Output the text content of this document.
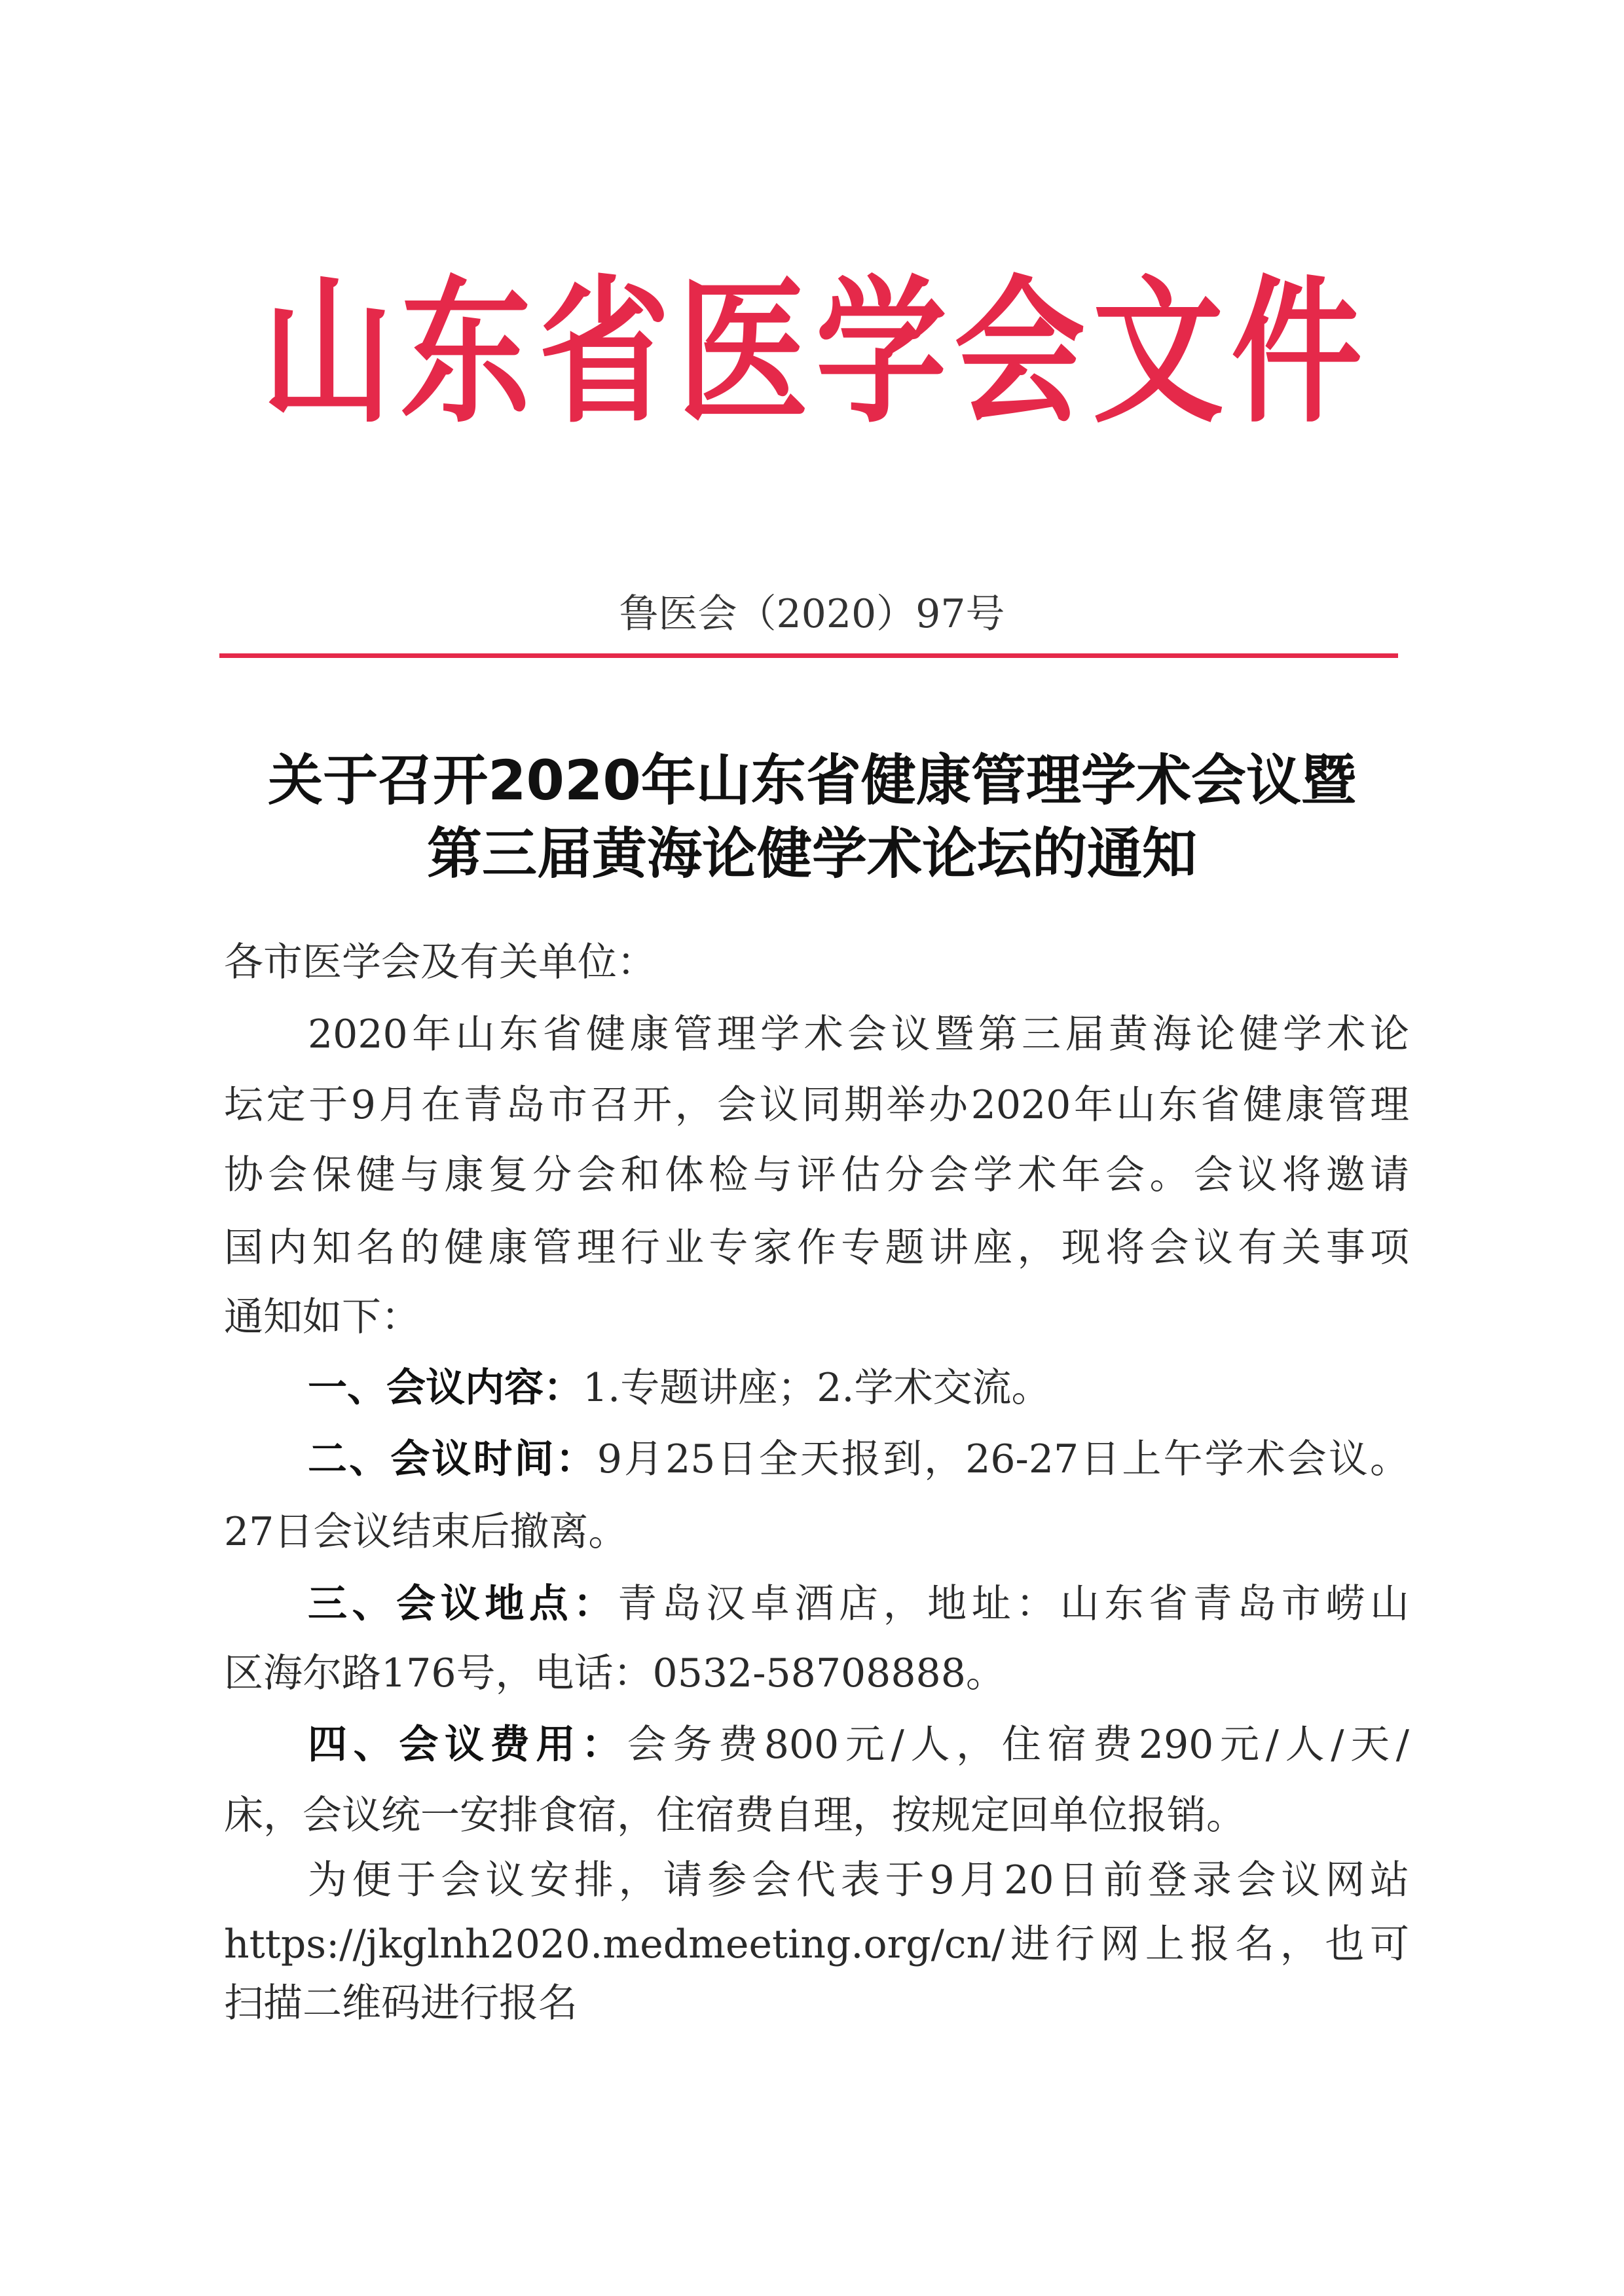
山东省医学会文件
鲁医会（2020）97号
关于召开2020年山东省健康管理学术会议暨
第三届黄海论健学术论坛的通知
各市医学会及有关单位：
2020年山东省健康管理学术会议暨第三届黄海论健学术论
坛定于9月在青岛市召开，会议同期举办2020年山东省健康管理
协会保健与康复分会和体检与评估分会学术年会。会议将邀请
国内知名的健康管理行业专家作专题讲座，现将会议有关事项
通知如下：
一、会议内容：1.专题讲座；2.学术交流。
二、会议时间：9月25日全天报到，26-27日上午学术会议。
27日会议结束后撤离。
三、会议地点：青岛汉卓酒店，地址：山东省青岛市崂山
区海尔路176号，电话：0532-58708888。
四、会议费用：会务费800元/人，住宿费290元/人/天/
床，会议统一安排食宿，住宿费自理，按规定回单位报销。
为便于会议安排，请参会代表于9月20日前登录会议网站
https://jkglnh2020.medmeeting.org/cn/进行网上报名，也可
扫描二维码进行报名
